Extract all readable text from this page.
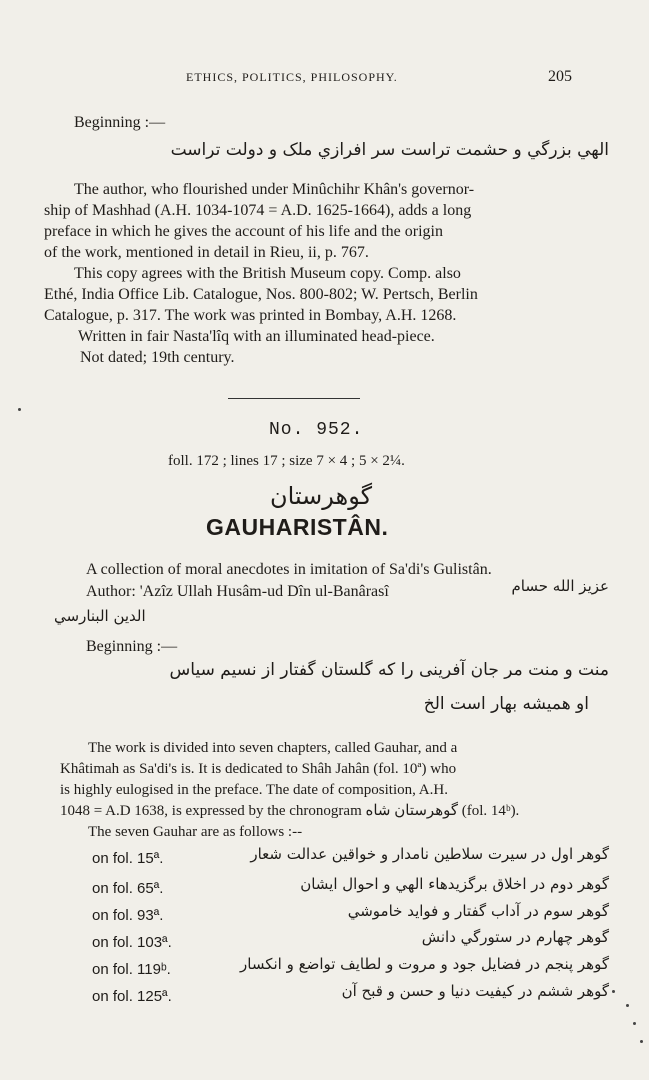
ETHICS, POLITICS, PHILOSOPHY.	205
Beginning :—
الهي بزرگي و حشمت تراست سر افرازي ملک و دولت تراست
The author, who flourished under Minûchihr Khân's governor-
ship of Mashhad (A.H. 1034-1074 = A.D. 1625-1664), adds a long
preface in which he gives the account of his life and the origin
of the work, mentioned in detail in Rieu, ii, p. 767.
This copy agrees with the British Museum copy. Comp. also
Ethé, India Office Lib. Catalogue, Nos. 800-802; W. Pertsch, Berlin
Catalogue, p. 317. The work was printed in Bombay, A.H. 1268.
Written in fair Nasta'lîq with an illuminated head-piece.
Not dated; 19th century.
No. 952.
foll. 172 ; lines 17 ; size 7 × 4 ; 5 × 2¼.
گوهرستان
GAUHARISTÂN.
A collection of moral anecdotes in imitation of Sa'di's Gulistân.
Author: 'Azîz Ullah Husâm-ud Dîn ul-Banârasî	عزيز الله حسام
الدين البنارسي
Beginning :—
منت و منت مر جان آفرينی را که گلستان گفتار از نسيم سياس
او هميشه بهار است الخ
The work is divided into seven chapters, called Gauhar, and a
Khâtimah as Sa'di's is. It is dedicated to Shâh Jahân (fol. 10ª) who
is highly eulogised in the preface. The date of composition, A.H.
1048 = A.D 1638, is expressed by the chronogram گوهرستان شاه (fol. 14ᵇ).
The seven Gauhar are as follows :--
on fol. 15ª.	گوهر اول در سيرت سلاطين نامدار و خواقين عدالت شعار
on fol. 65ª.	گوهر دوم در اخلاق برگزيدهاء الهي و احوال ايشان
on fol. 93ª.	گوهر سوم در آداب گفتار و فوايد خاموشي
on fol. 103ª.	گوهر چهارم در ستورگي دانش
on fol. 119ᵇ.	گوهر پنجم در فضايل جود و مروت و لطايف تواضع و انكسار
on fol. 125ª.	گوهر ششم در كيفيت دنيا و حسن و قبح آن
